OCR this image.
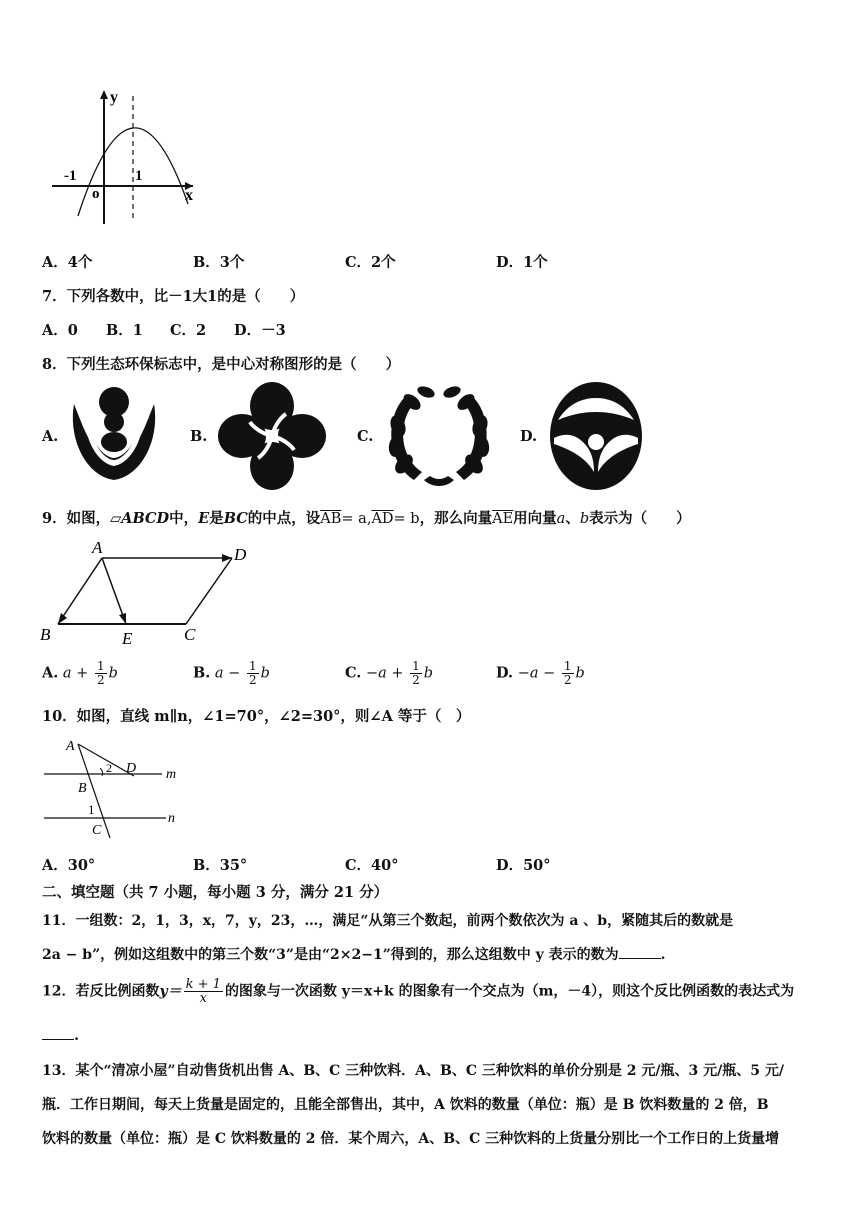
y
x
o
-1	1
A．4个	B．3个	C．2个	D．1个
7．下列各数中，比－1大1的是（　　）
A．0 B．1 C．2 D．－3
8．下列生态环保标志中，是中心对称图形的是（　　）
A.	B.	C.	D.
9．如图，▱ABCD中，E是BC的中点，设$\overline{AB}= a,\overline{AD}= b$，那么向量$\overline{AE}$用向量a、b表示为（　　）
A	D
B	E	C
A. $a + \frac{1}{2}$ b	B. $a - \frac{1}{2}$ b	C. $-a + \frac{1}{2}$ b	D. $-a - \frac{1}{2}$ b
10．如图，直线 m∥n，∠1=70°，∠2=30°，则∠A 等于（　）
A
2 D m
B
1
n
C
A．30°	B．35°	C．40°	D．50°
二、填空题（共 7 小题，每小题 3 分，满分 21 分）
11．一组数：2，1，3，x，7，y，23，…，满足“从第三个数起，前两个数依次为 a 、b，紧随其后的数就是
2a − b”，例如这组数中的第三个数“3”是由“2×2−1”得到的，那么这组数中 y 表示的数为	.
12．若反比例函数$y= \frac{k + 1}{x}$ 的图象与一次函数 y＝x+k 的图象有一个交点为（m，－4），则这个反比例函数的表达式为
.
13．某个“清凉小屋”自动售货机出售 A、B、C 三种饮料．A、B、C 三种饮料的单价分别是 2 元/瓶、3 元/瓶、5 元/
瓶．工作日期间，每天上货量是固定的，且能全部售出，其中，A 饮料的数量（单位：瓶）是 B 饮料数量的 2 倍，B
饮料的数量（单位：瓶）是 C 饮料数量的 2 倍．某个周六，A、B、C 三种饮料的上货量分别比一个工作日的上货量增
